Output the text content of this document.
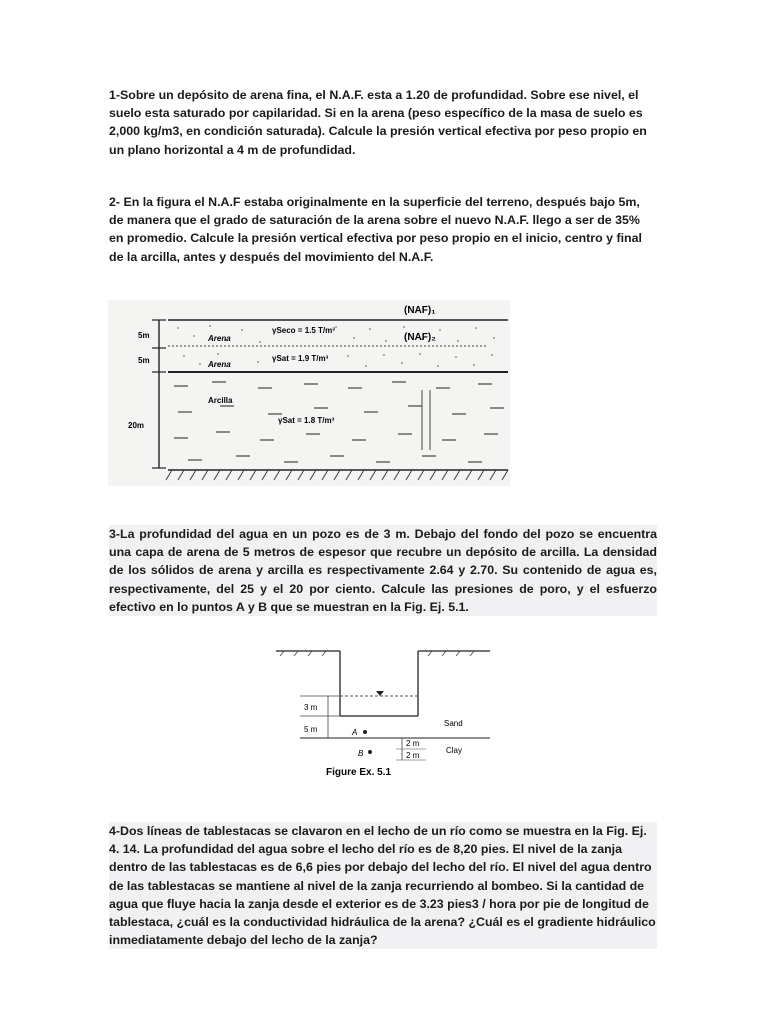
1-Sobre un depósito de arena fina, el N.A.F. esta a 1.20 de profundidad. Sobre ese nivel, el suelo esta saturado por capilaridad. Si en la arena (peso específico de la masa de suelo es 2,000 kg/m3, en condición saturada). Calcule la presión vertical efectiva por peso propio en un plano horizontal a 4 m de profundidad.

2- En la figura el N.A.F estaba originalmente en la superficie del terreno, después bajo 5m, de manera que el grado de saturación de la arena sobre el nuevo N.A.F. llego a ser de 35% en promedio. Calcule la presión vertical efectiva por peso propio en el inicio, centro y final de la arcilla, antes y después del movimiento del N.A.F.

(NAF)₁
(NAF)₂
Arena
γSeco = 1.5 T/m³
Arena
γSat = 1.9 T/m³
Arcilla
γSat = 1.8 T/m³
5m
5m
20m

3-La profundidad del agua en un pozo es de 3 m. Debajo del fondo del pozo se encuentra una capa de arena de 5 metros de espesor que recubre un depósito de arcilla. La densidad de los sólidos de arena y arcilla es respectivamente 2.64 y 2.70. Su contenido de agua es, respectivamente, del 25 y el 20 por ciento. Calcule las presiones de poro, y el esfuerzo efectivo en lo puntos A y B que se muestran en la Fig. Ej. 5.1.

3 m
5 m
Sand
Clay
A
B
2 m
2 m
Figure Ex. 5.1

4-Dos líneas de tablestacas se clavaron en el lecho de un río como se muestra en la Fig. Ej. 4. 14. La profundidad del agua sobre el lecho del río es de 8,20 pies. El nivel de la zanja dentro de las tablestacas es de 6,6 pies por debajo del lecho del río. El nivel del agua dentro de las tablestacas se mantiene al nivel de la zanja recurriendo al bombeo. Si la cantidad de agua que fluye hacia la zanja desde el exterior es de 3.23 pies3 / hora por pie de longitud de tablestaca, ¿cuál es la conductividad hidráulica de la arena? ¿Cuál es el gradiente hidráulico inmediatamente debajo del lecho de la zanja?
